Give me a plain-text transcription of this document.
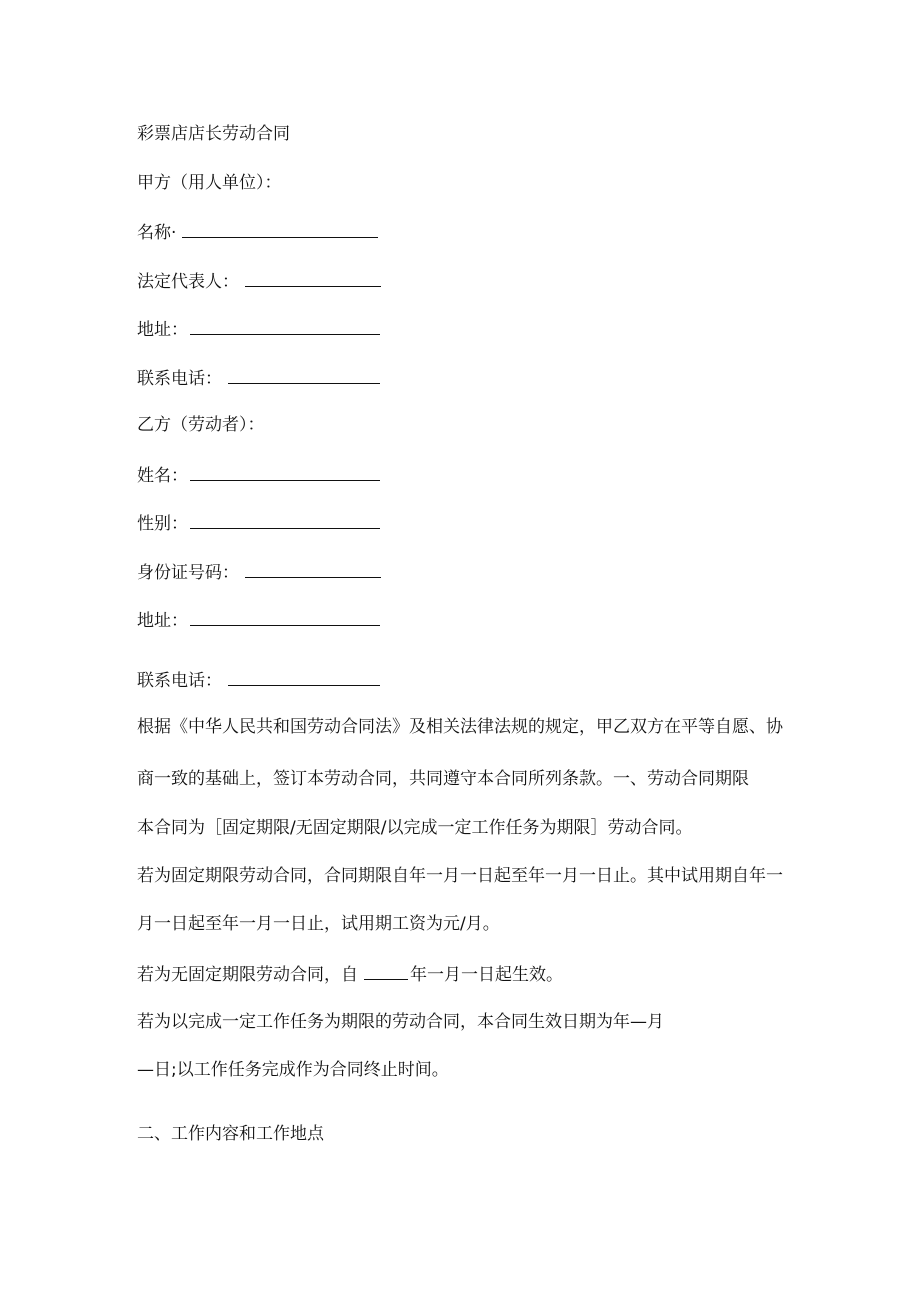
彩票店店长劳动合同
甲方（用人单位）：
名称·
法定代表人：
地址：
联系电话：
乙方（劳动者）：
姓名：
性别：
身份证号码：
地址：
联系电话：
根据《中华人民共和国劳动合同法》及相关法律法规的规定，甲乙双方在平等自愿、协
商一致的基础上，签订本劳动合同，共同遵守本合同所列条款。一、劳动合同期限
本合同为［固定期限/无固定期限/以完成一定工作任务为期限］劳动合同。
若为固定期限劳动合同，合同期限自年一月一日起至年一月一日止。其中试用期自年一
月一日起至年一月一日止，试用期工资为元/月。
若为无固定期限劳动合同，自	年一月一日起生效。
若为以完成一定工作任务为期限的劳动合同，本合同生效日期为年—月
—日;以工作任务完成作为合同终止时间。
二、工作内容和工作地点
